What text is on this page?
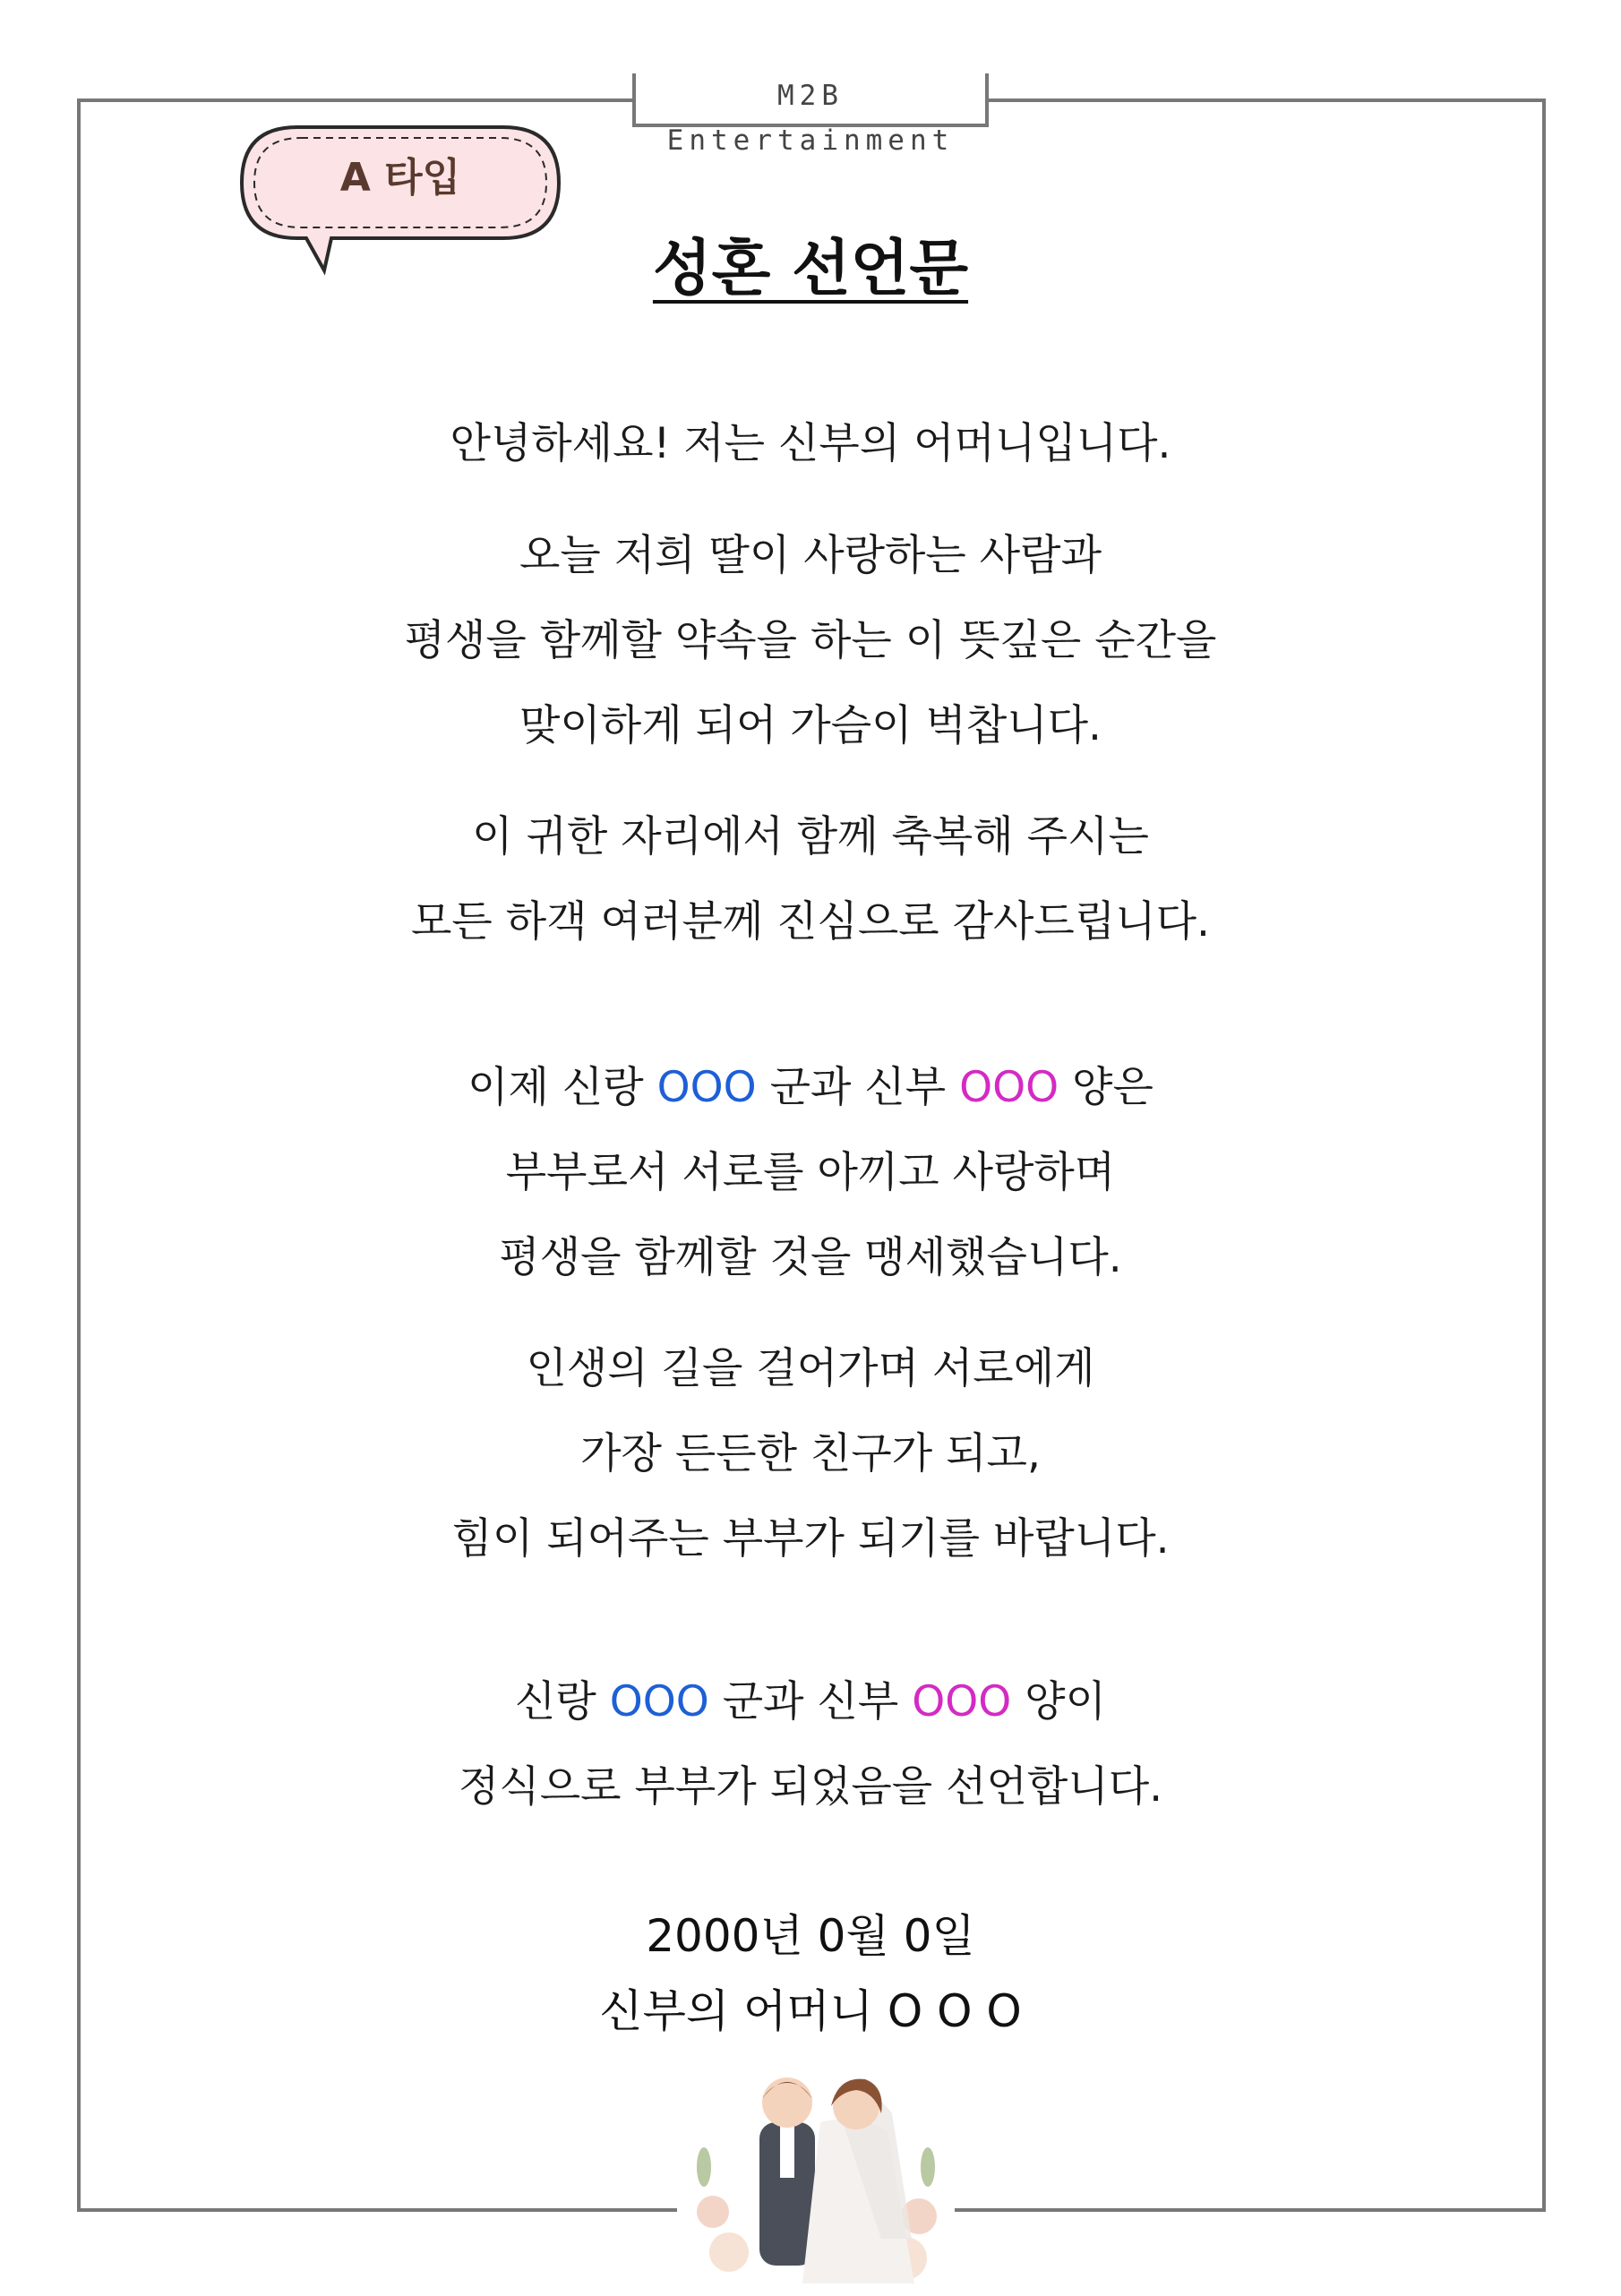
M2B Entertainment
A 타입
성혼 선언문
안녕하세요! 저는 신부의 어머니입니다.
오늘 저희 딸이 사랑하는 사람과
평생을 함께할 약속을 하는 이 뜻깊은 순간을
맞이하게 되어 가슴이 벅찹니다.
이 귀한 자리에서 함께 축복해 주시는
모든 하객 여러분께 진심으로 감사드립니다.
이제 신랑 OOO 군과 신부 OOO 양은
부부로서 서로를 아끼고 사랑하며
평생을 함께할 것을 맹세했습니다.
인생의 길을 걸어가며 서로에게
가장 든든한 친구가 되고,
힘이 되어주는 부부가 되기를 바랍니다.
신랑 OOO 군과 신부 OOO 양이
정식으로 부부가 되었음을 선언합니다.
2000년 0월 0일
신부의 어머니 O O O
